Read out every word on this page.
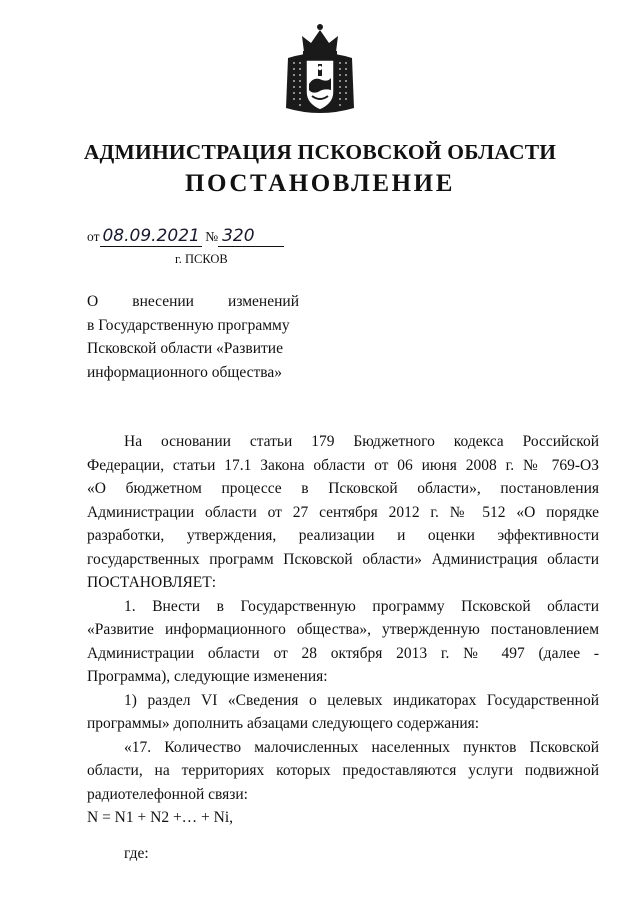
АДМИНИСТРАЦИЯ ПСКОВСКОЙ ОБЛАСТИ
ПОСТАНОВЛЕНИЕ
от 08.09.2021 № 320
г. ПСКОВ
О внесении изменений
в Государственную программу
Псковской области «Развитие
информационного общества»

На основании статьи 179 Бюджетного кодекса Российской

Федерации, статьи 17.1 Закона области от 06 июня 2008 г. № 769-ОЗ

«О бюджетном процессе в Псковской области», постановления

Администрации области от 27 сентября 2012 г. № 512 «О порядке

разработки, утверждения, реализации и оценки эффективности

государственных программ Псковской области» Администрация области

ПОСТАНОВЛЯЕТ:

1. Внести в Государственную программу Псковской области

«Развитие информационного общества», утвержденную постановлением

Администрации области от 28 октября 2013 г. № 497 (далее -

Программа), следующие изменения:

1) раздел VI «Сведения о целевых индикаторах Государственной

программы» дополнить абзацами следующего содержания:

«17. Количество малочисленных населенных пунктов Псковской

области, на территориях которых предоставляются услуги подвижной

радиотелефонной связи:

N = N1 + N2 +… + Ni,

где:
